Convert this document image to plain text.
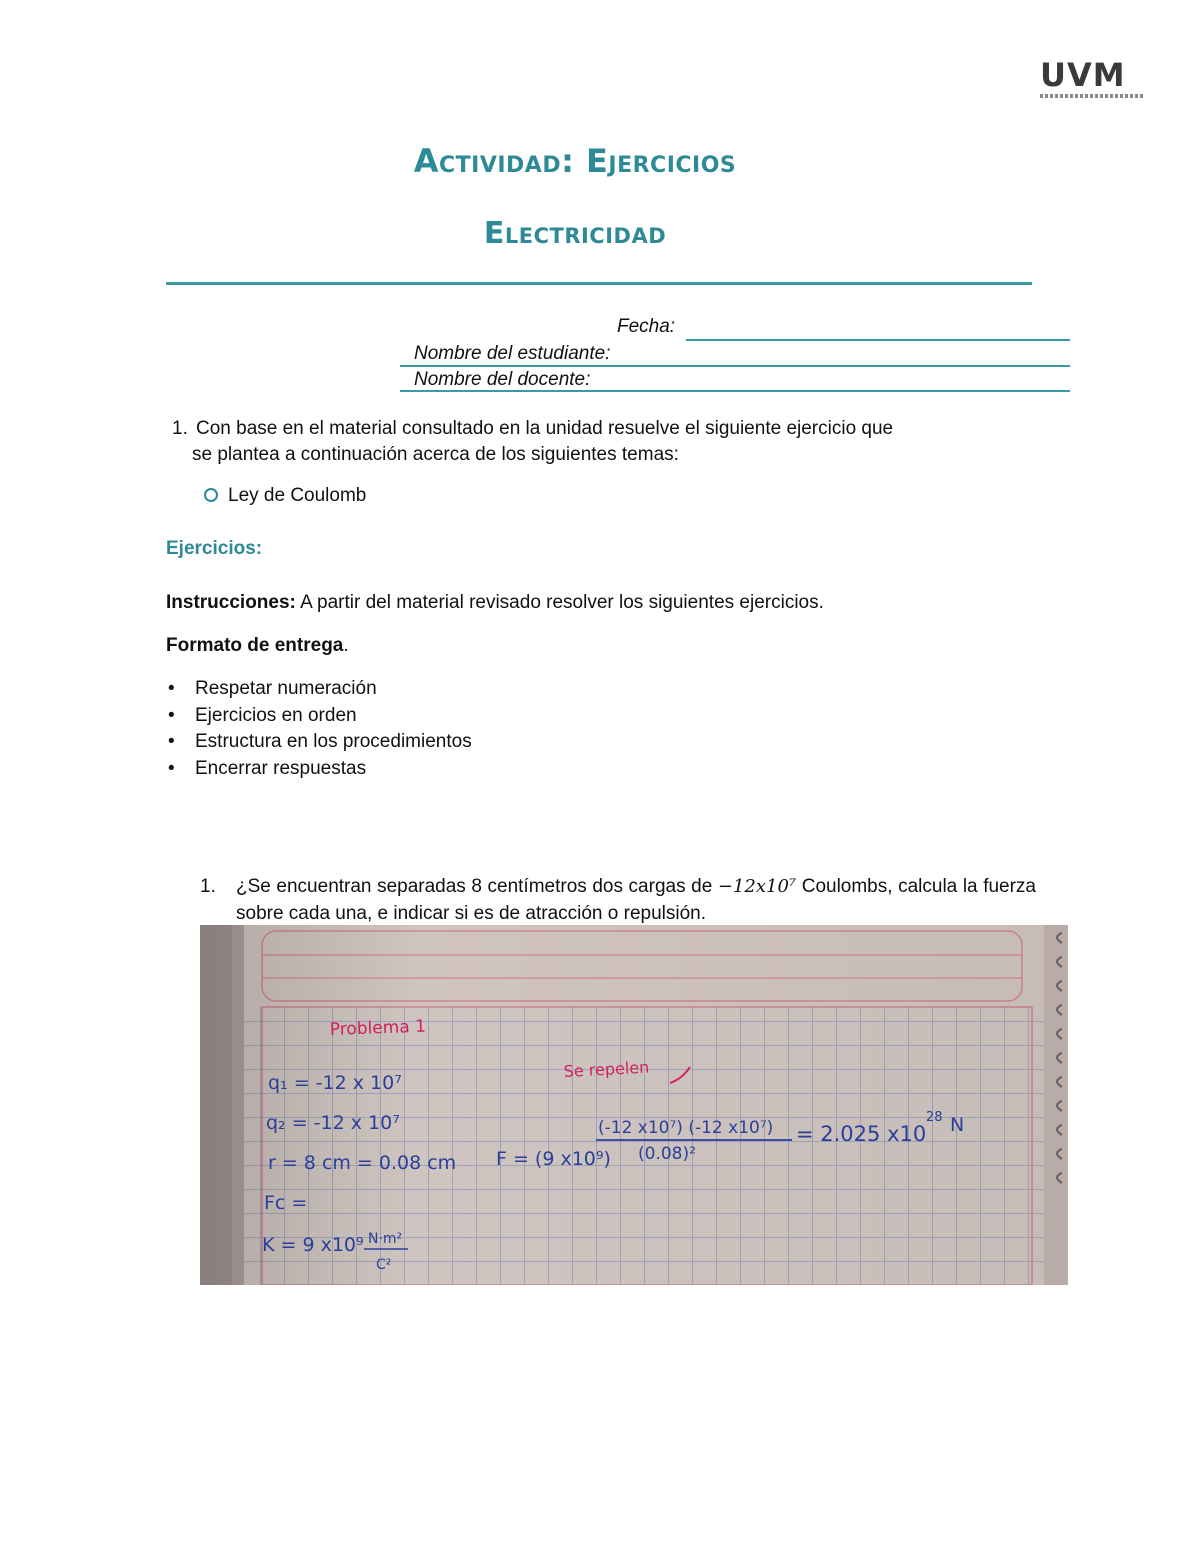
UVM
Actividad: Ejercicios
Electricidad
Fecha:
Nombre del estudiante:
Nombre del docente:
1. Con base en el material consultado en la unidad resuelve el siguiente ejercicio que
se plantea a continuación acerca de los siguientes temas:
Ley de Coulomb
Ejercicios:
Instrucciones: A partir del material revisado resolver los siguientes ejercicios.
Formato de entrega.
• Respetar numeración
• Ejercicios en orden
• Estructura en los procedimientos
• Encerrar respuestas
1. ¿Se encuentran separadas 8 centímetros dos cargas de −12𝑥10⁷ Coulombs, calcula la fuerza sobre cada una, e indicar si es de atracción o repulsión.
Problema 1
Se repelen
q₁ = -12 x 10⁷
q₂ = -12 x 10⁷
r = 8 cm = 0.08 cm
Fc =
K = 9 x10⁹ N·m²
C²
F = (9 x10⁹)
(-12 x10⁷) (-12 x10⁷)
(0.08)²
= 2.025 x10
28 N
